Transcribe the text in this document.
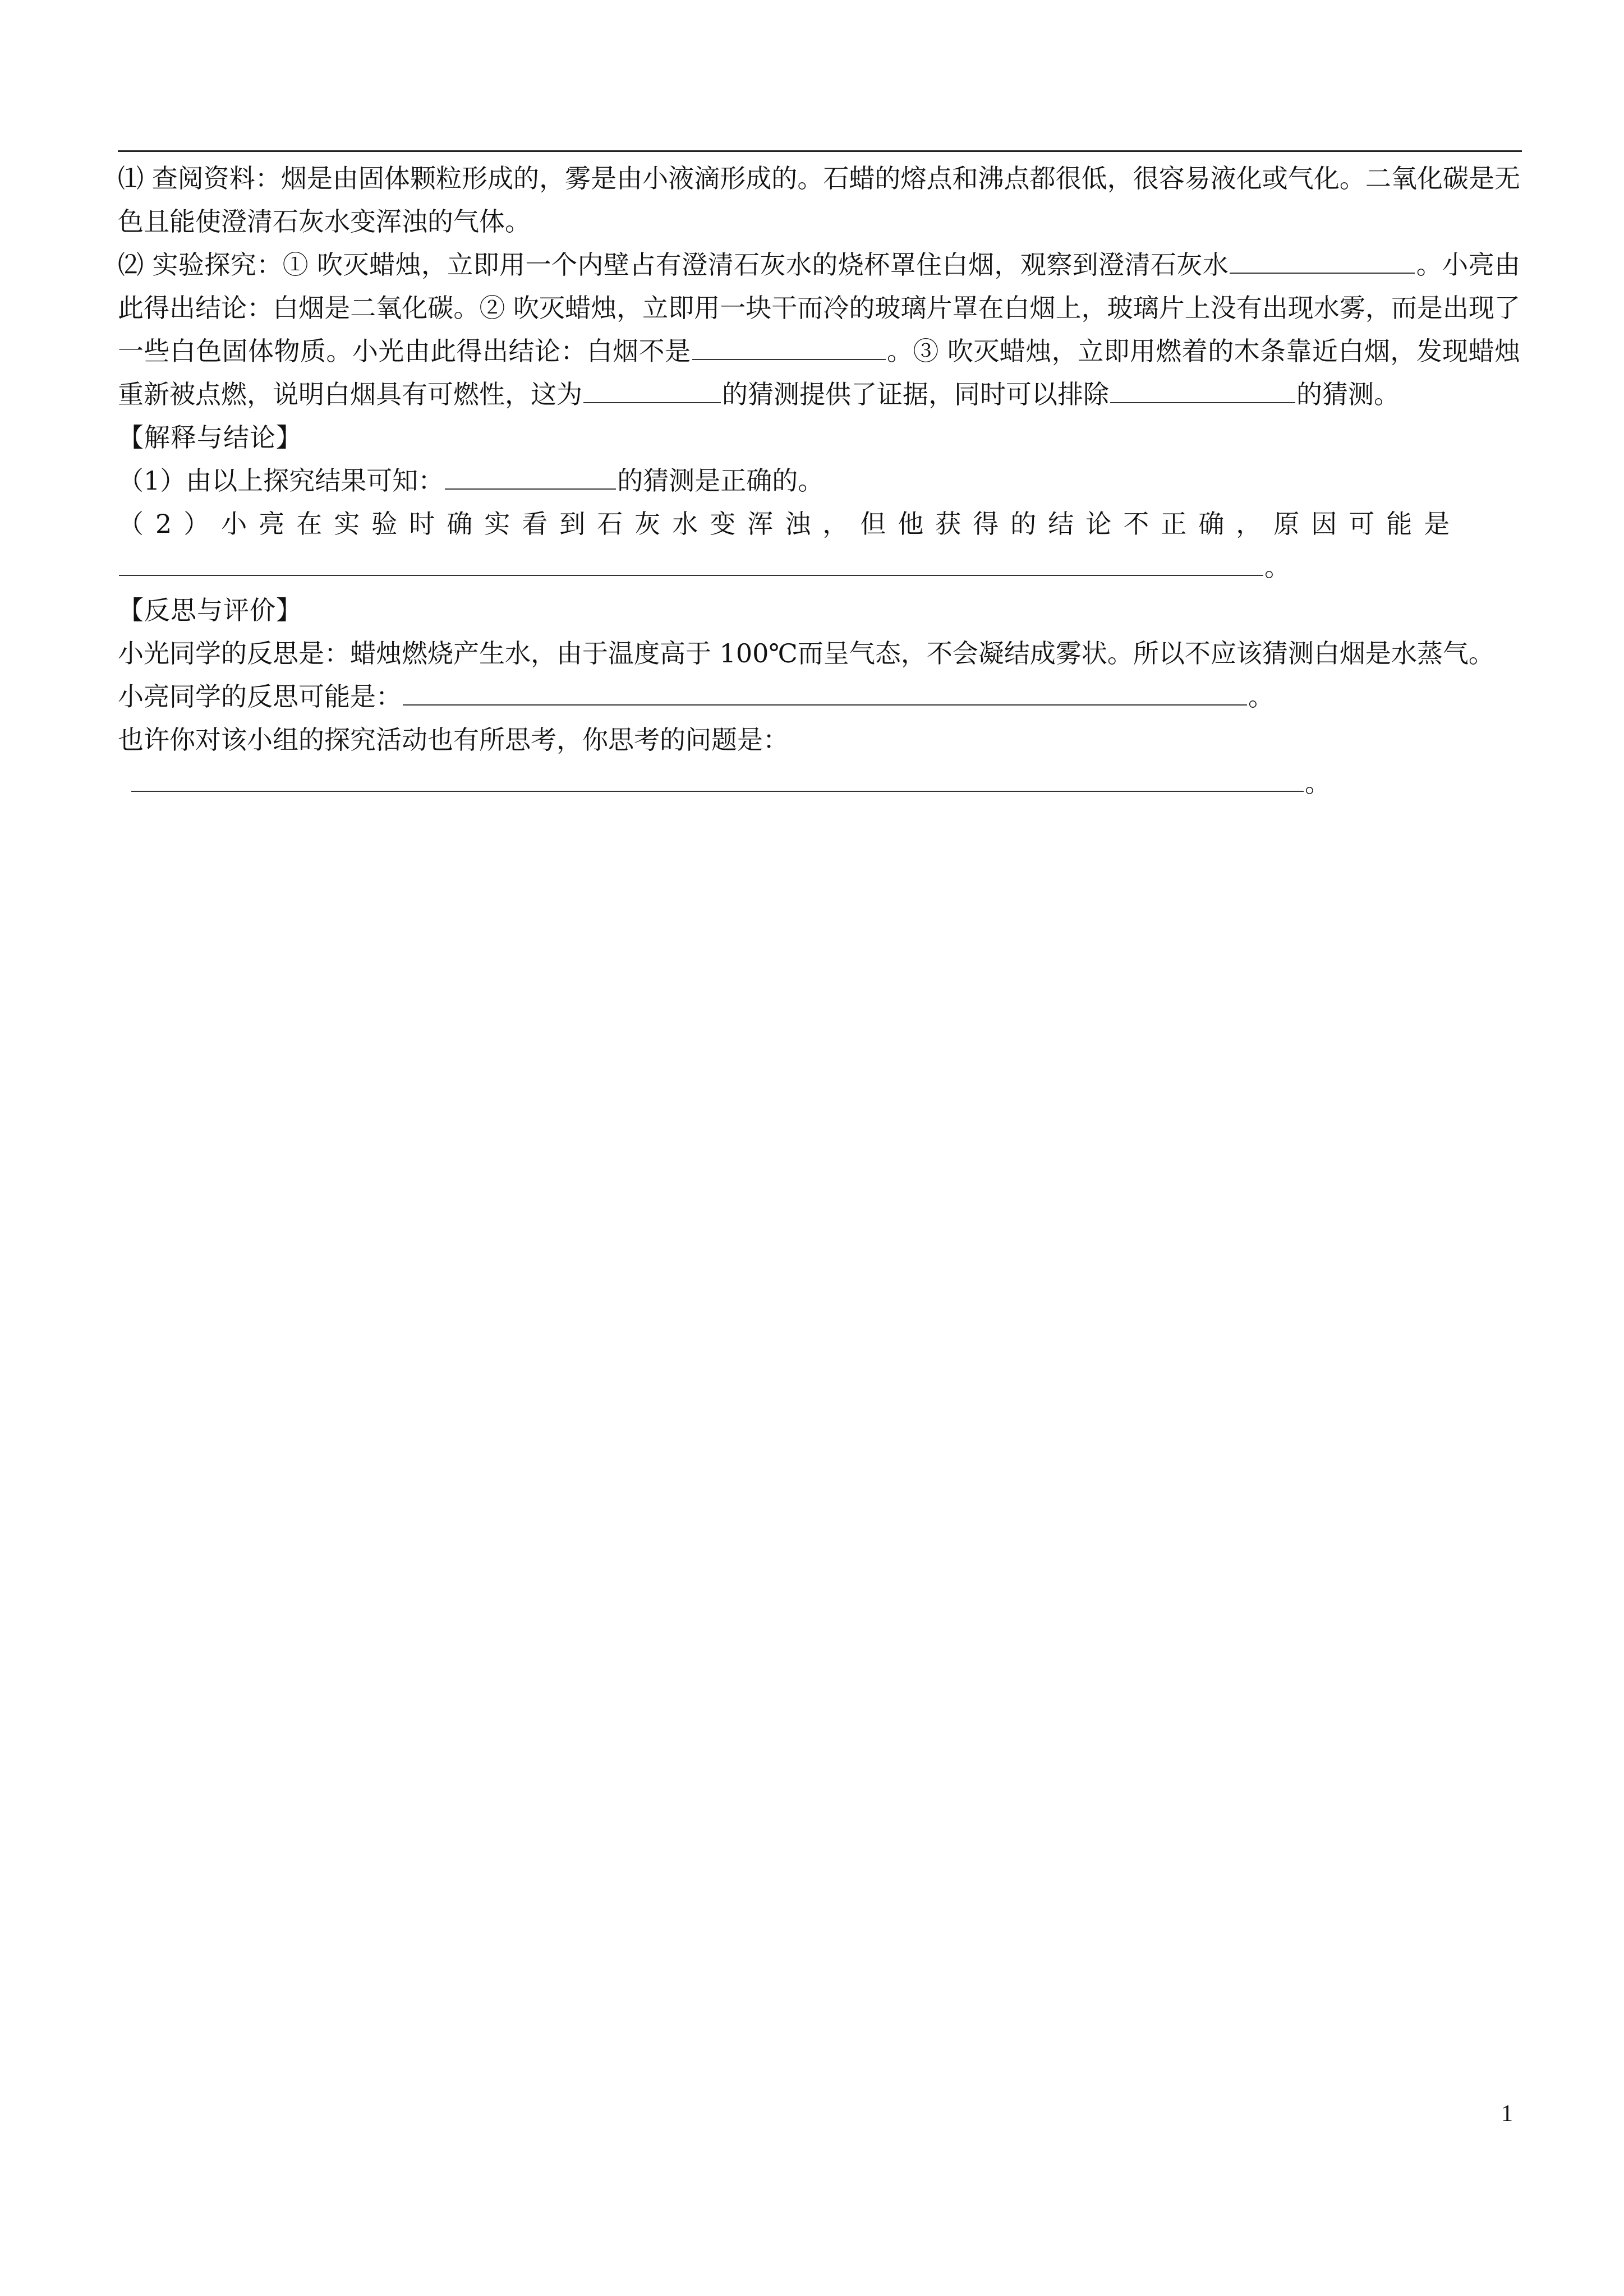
⑴ 查阅资料：烟是由固体颗粒形成的，雾是由小液滴形成的。石蜡的熔点和沸点都很低，很容易液化或气化。二氧化碳是无色且能使澄清石灰水变浑浊的气体。

⑵ 实验探究：① 吹灭蜡烛，立即用一个内壁占有澄清石灰水的烧杯罩住白烟，观察到澄清石灰水	。小亮由此得出结论：白烟是二氧化碳。② 吹灭蜡烛，立即用一块干而冷的玻璃片罩在白烟上，玻璃片上没有出现水雾，而是出现了一些白色固体物质。小光由此得出结论：白烟不是	。③ 吹灭蜡烛，立即用燃着的木条靠近白烟，发现蜡烛重新被点燃，说明白烟具有可燃性，这为	的猜测提供了证据，同时可以排除	的猜测。

【解释与结论】

（1）由以上探究结果可知：	的猜测是正确的。

（2）小亮在实验时确实看到石灰水变浑浊，但他获得的结论不正确，原因可能是

。

【反思与评价】

小光同学的反思是：蜡烛燃烧产生水，由于温度高于 100℃而呈气态，不会凝结成雾状。所以不应该猜测白烟是水蒸气。

小亮同学的反思可能是：	。

也许你对该小组的探究活动也有所思考，你思考的问题是：

。

1
